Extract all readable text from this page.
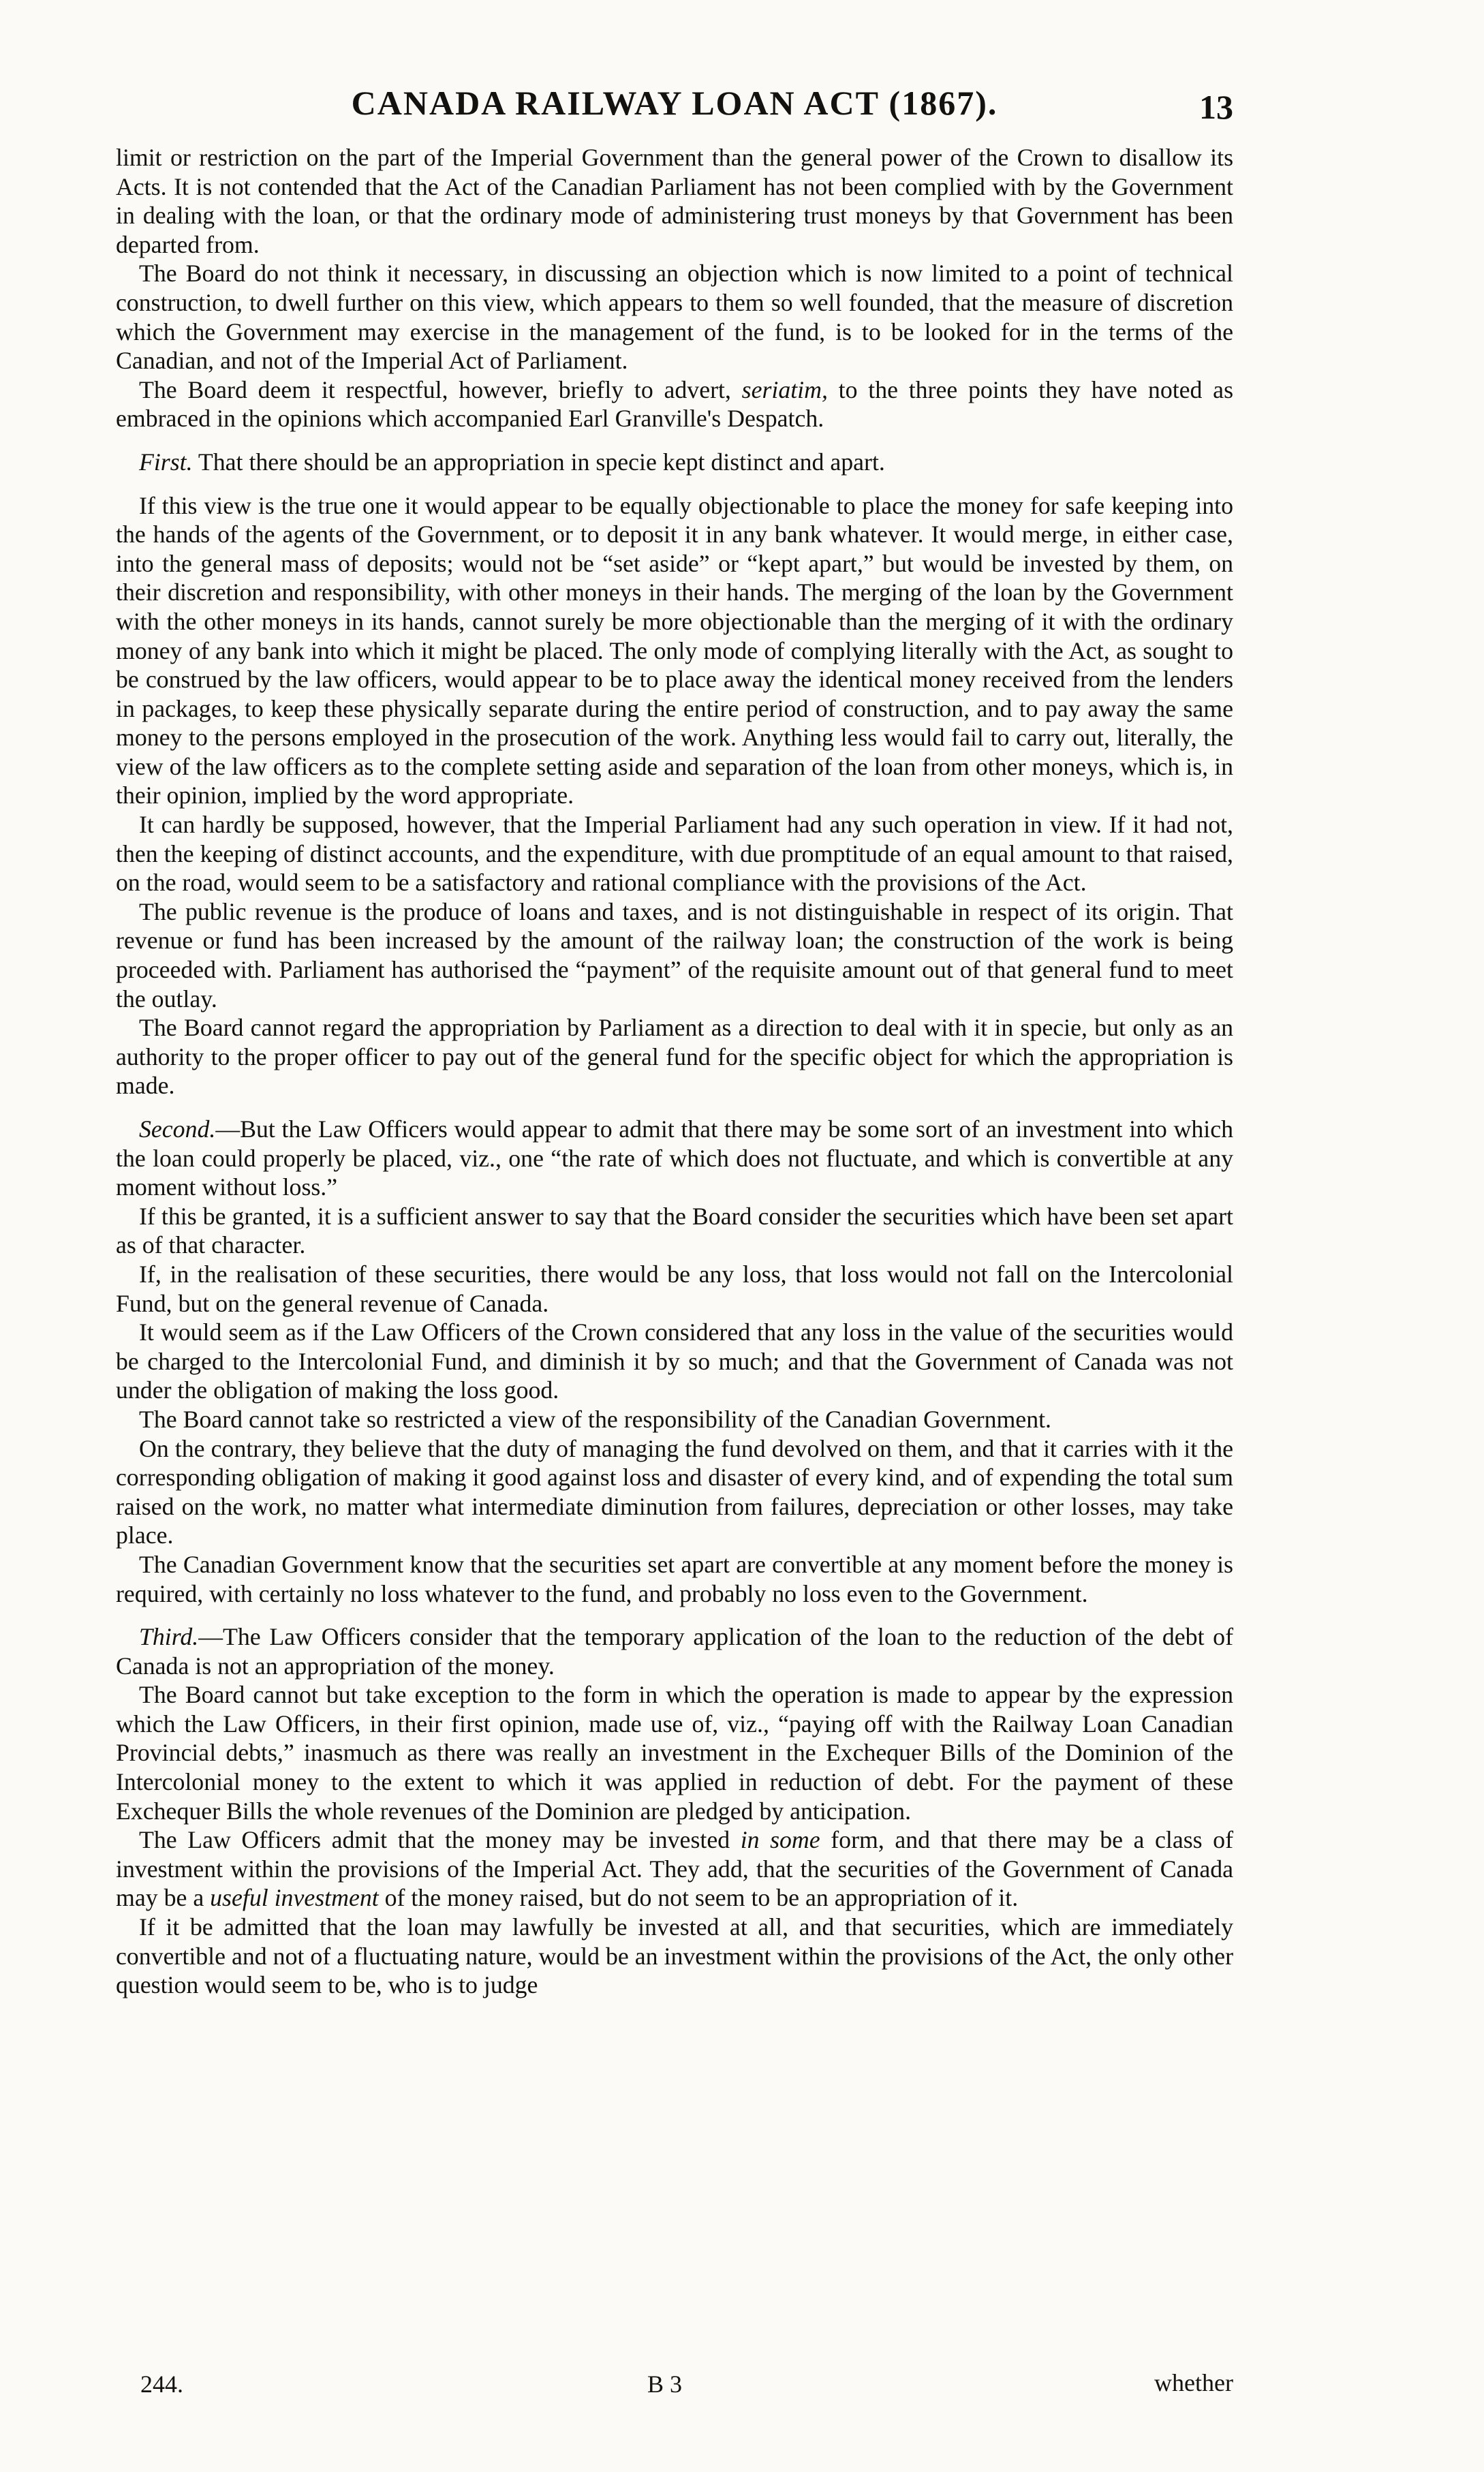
CANADA RAILWAY LOAN ACT (1867).	13

limit or restriction on the part of the Imperial Government than the general power of the Crown to disallow its Acts. It is not contended that the Act of the Canadian Parliament has not been complied with by the Government in dealing with the loan, or that the ordinary mode of administering trust moneys by that Government has been departed from.

The Board do not think it necessary, in discussing an objection which is now limited to a point of technical construction, to dwell further on this view, which appears to them so well founded, that the measure of discretion which the Government may exercise in the management of the fund, is to be looked for in the terms of the Canadian, and not of the Imperial Act of Parliament.

The Board deem it respectful, however, briefly to advert, seriatim, to the three points they have noted as embraced in the opinions which accompanied Earl Granville's Despatch.

First. That there should be an appropriation in specie kept distinct and apart.

If this view is the true one it would appear to be equally objectionable to place the money for safe keeping into the hands of the agents of the Government, or to deposit it in any bank whatever. It would merge, in either case, into the general mass of deposits; would not be “set aside” or “kept apart,” but would be invested by them, on their discretion and responsibility, with other moneys in their hands. The merging of the loan by the Government with the other moneys in its hands, cannot surely be more objectionable than the merging of it with the ordinary money of any bank into which it might be placed. The only mode of complying literally with the Act, as sought to be construed by the law officers, would appear to be to place away the identical money received from the lenders in packages, to keep these physically separate during the entire period of construction, and to pay away the same money to the persons employed in the prosecution of the work. Anything less would fail to carry out, literally, the view of the law officers as to the complete setting aside and separation of the loan from other moneys, which is, in their opinion, implied by the word appropriate.

It can hardly be supposed, however, that the Imperial Parliament had any such operation in view. If it had not, then the keeping of distinct accounts, and the expenditure, with due promptitude of an equal amount to that raised, on the road, would seem to be a satisfactory and rational compliance with the provisions of the Act.

The public revenue is the produce of loans and taxes, and is not distinguishable in respect of its origin. That revenue or fund has been increased by the amount of the railway loan; the construction of the work is being proceeded with. Parliament has authorised the “payment” of the requisite amount out of that general fund to meet the outlay.

The Board cannot regard the appropriation by Parliament as a direction to deal with it in specie, but only as an authority to the proper officer to pay out of the general fund for the specific object for which the appropriation is made.

Second.—But the Law Officers would appear to admit that there may be some sort of an investment into which the loan could properly be placed, viz., one “the rate of which does not fluctuate, and which is convertible at any moment without loss.”

If this be granted, it is a sufficient answer to say that the Board consider the securities which have been set apart as of that character.

If, in the realisation of these securities, there would be any loss, that loss would not fall on the Intercolonial Fund, but on the general revenue of Canada.

It would seem as if the Law Officers of the Crown considered that any loss in the value of the securities would be charged to the Intercolonial Fund, and diminish it by so much; and that the Government of Canada was not under the obligation of making the loss good.

The Board cannot take so restricted a view of the responsibility of the Canadian Government.

On the contrary, they believe that the duty of managing the fund devolved on them, and that it carries with it the corresponding obligation of making it good against loss and disaster of every kind, and of expending the total sum raised on the work, no matter what intermediate diminution from failures, depreciation or other losses, may take place.

The Canadian Government know that the securities set apart are convertible at any moment before the money is required, with certainly no loss whatever to the fund, and probably no loss even to the Government.

Third.—The Law Officers consider that the temporary application of the loan to the reduction of the debt of Canada is not an appropriation of the money.

The Board cannot but take exception to the form in which the operation is made to appear by the expression which the Law Officers, in their first opinion, made use of, viz., “paying off with the Railway Loan Canadian Provincial debts,” inasmuch as there was really an investment in the Exchequer Bills of the Dominion of the Intercolonial money to the extent to which it was applied in reduction of debt. For the payment of these Exchequer Bills the whole revenues of the Dominion are pledged by anticipation.

The Law Officers admit that the money may be invested in some form, and that there may be a class of investment within the provisions of the Imperial Act. They add, that the securities of the Government of Canada may be a useful investment of the money raised, but do not seem to be an appropriation of it.

If it be admitted that the loan may lawfully be invested at all, and that securities, which are immediately convertible and not of a fluctuating nature, would be an investment within the provisions of the Act, the only other question would seem to be, who is to judge

244.	B 3	whether
